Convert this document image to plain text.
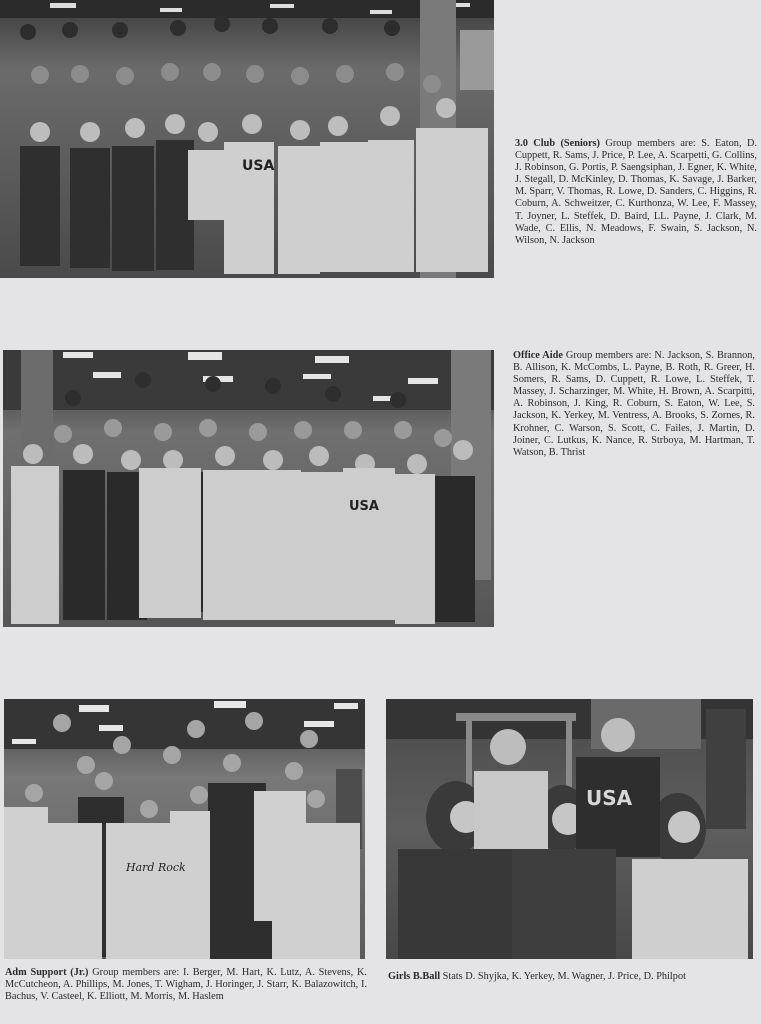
USA
3.0 Club (Seniors) Group members are: S. Eaton, D. Cuppett, R. Sams, J. Price, P. Lee, A. Scarpetti, G. Collins, J. Robinson, G. Portis, P. Saengsiphan, J. Egner, K. White, J. Stegall, D. McKinley, D. Thomas, K. Savage, J. Barker, M. Sparr, V. Thomas, R. Lowe, D. Sanders, C. Higgins, R. Coburn, A. Schweitzer, C. Kurthonza, W. Lee, F. Massey, T. Joyner, L. Steffek, D. Baird, LL. Payne, J. Clark, M. Wade, C. Ellis, N. Meadows, F. Swain, S. Jackson, N. Wilson, N. Jackson
USA
Office Aide Group members are: N. Jackson, S. Brannon, B. Allison, K. McCombs, L. Payne, B. Roth, R. Greer, H. Somers, R. Sams, D. Cuppett, R. Lowe, L. Steffek, T. Massey, J. Scharzinger, M. White, H. Brown, A. Scarpitti, A. Robinson, J. King, R. Coburn, S. Eaton, W. Lee, S. Jackson, K. Yerkey, M. Ventress, A. Brooks, S. Zornes, R. Krohner, C. Warson, S. Scott, C. Failes, J. Martin, D. Joiner, C. Lutkus, K. Nance, R. Strboya, M. Hartman, T. Watson, B. Thrist
Hard Rock
USA
Adm Support (Jr.) Group members are: I. Berger, M. Hart, K. Lutz, A. Stevens, K. McCutcheon, A. Phillips, M. Jones, T. Wigham, J. Horinger, J. Starr, K. Balazowitch, I. Bachus, V. Casteel, K. Elliott, M. Morris, M. Haslem
Girls B.Ball Stats D. Shyjka, K. Yerkey, M. Wagner, J. Price, D. Philpot
